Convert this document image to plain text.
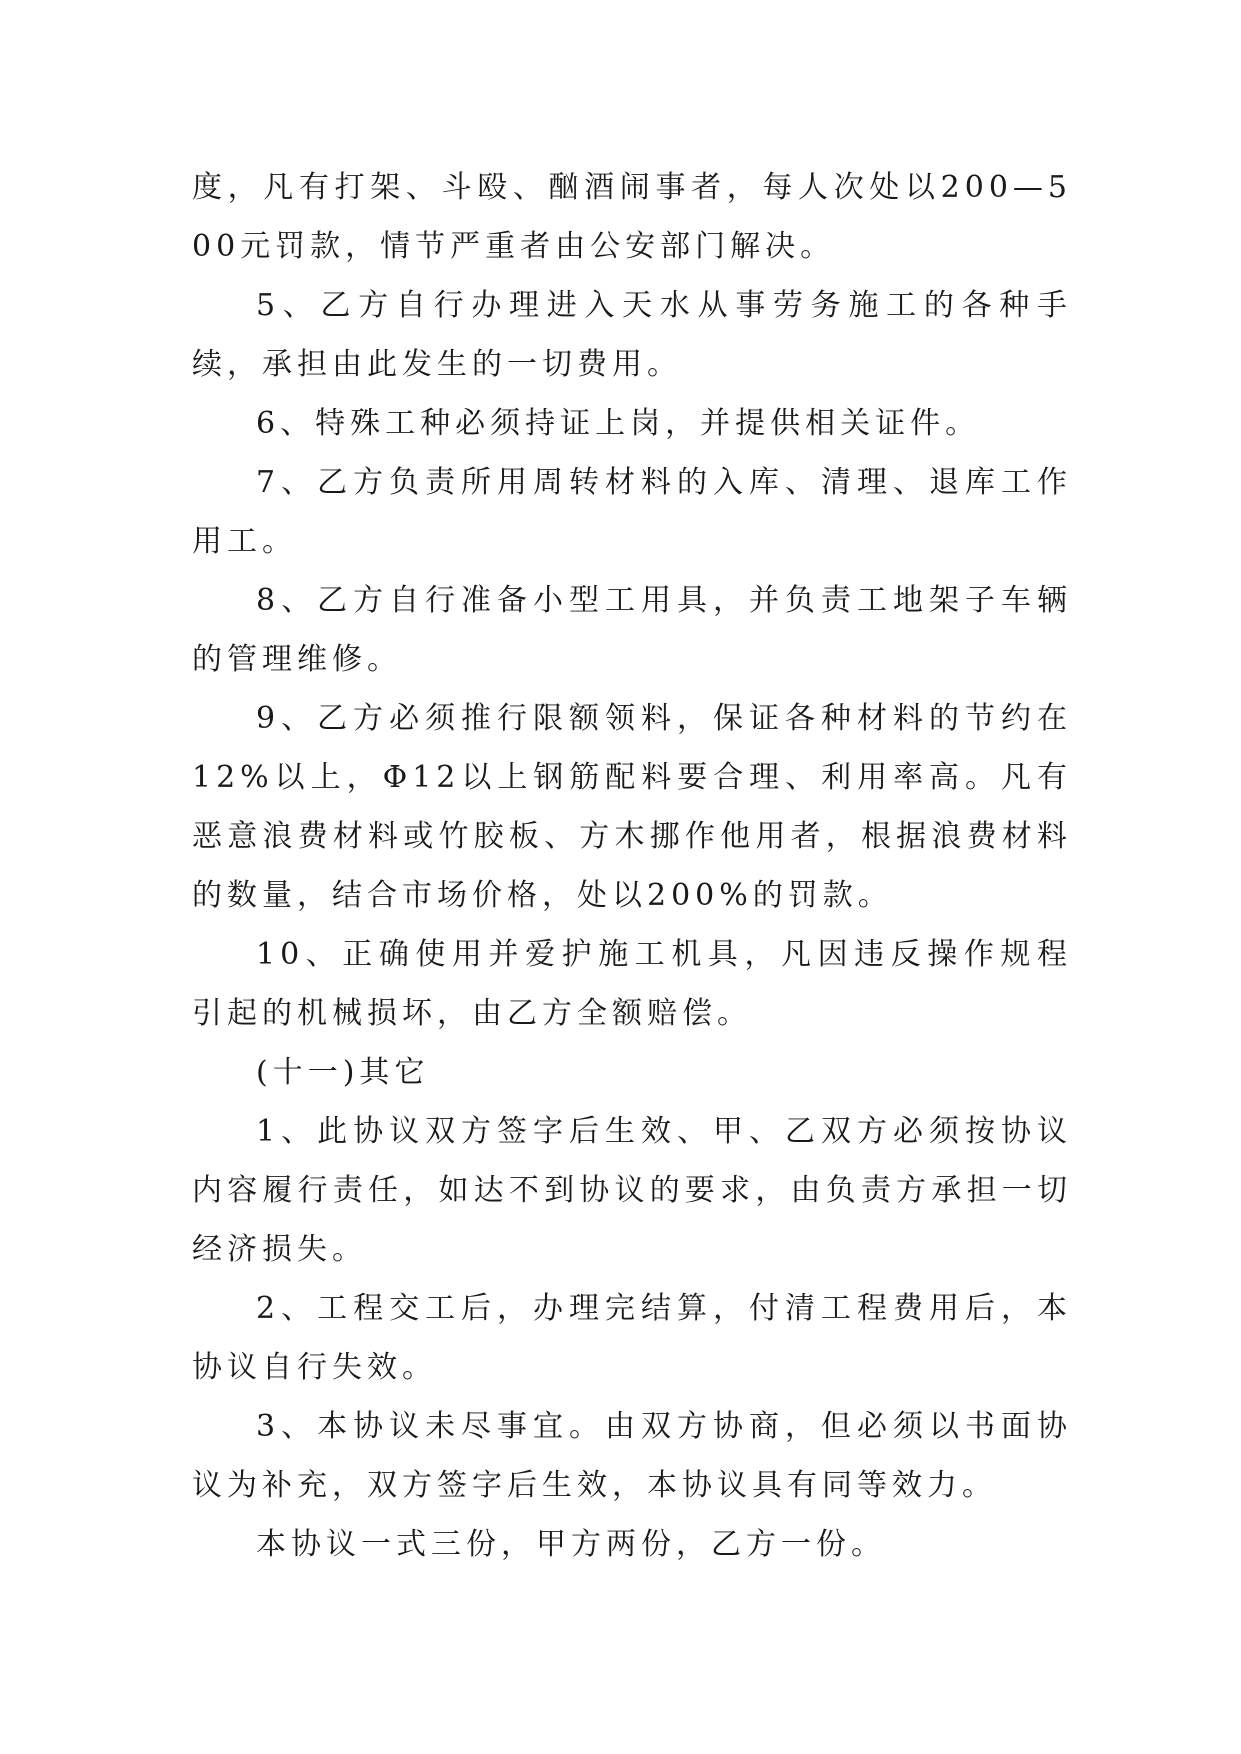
度，凡有打架、斗殴、酗酒闹事者，每人次处以200—500元罚款，情节严重者由公安部门解决。

5、乙方自行办理进入天水从事劳务施工的各种手续，承担由此发生的一切费用。

6、特殊工种必须持证上岗，并提供相关证件。

7、乙方负责所用周转材料的入库、清理、退库工作用工。

8、乙方自行准备小型工用具，并负责工地架子车辆的管理维修。

9、乙方必须推行限额领料，保证各种材料的节约在12%以上，Φ12以上钢筋配料要合理、利用率高。凡有恶意浪费材料或竹胶板、方木挪作他用者，根据浪费材料的数量，结合市场价格，处以200%的罚款。

10、正确使用并爱护施工机具，凡因违反操作规程引起的机械损坏，由乙方全额赔偿。

(十一)其它

1、此协议双方签字后生效、甲、乙双方必须按协议内容履行责任，如达不到协议的要求，由负责方承担一切经济损失。

2、工程交工后，办理完结算，付清工程费用后，本协议自行失效。

3、本协议未尽事宜。由双方协商，但必须以书面协议为补充，双方签字后生效，本协议具有同等效力。

本协议一式三份，甲方两份，乙方一份。
